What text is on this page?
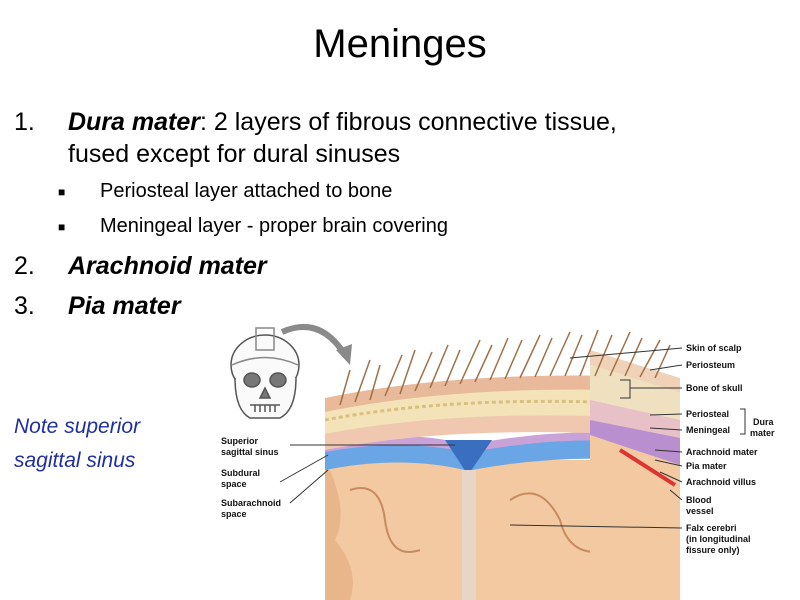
Meninges
1. Dura mater: 2 layers of fibrous connective tissue,
fused except for dural sinuses
■ Periosteal layer attached to bone
■ Meningeal layer - proper brain covering
2. Arachnoid mater
3. Pia mater
Note superior
sagittal sinus
Skin of scalp
Periosteum
Bone of skull
Periosteal
Meningeal
Dura
mater
Arachnoid mater
Pia mater
Arachnoid villus
Blood
vessel
Falx cerebri
(in longitudinal
fissure only)
Superior
sagittal sinus
Subdural
space
Subarachnoid
space
